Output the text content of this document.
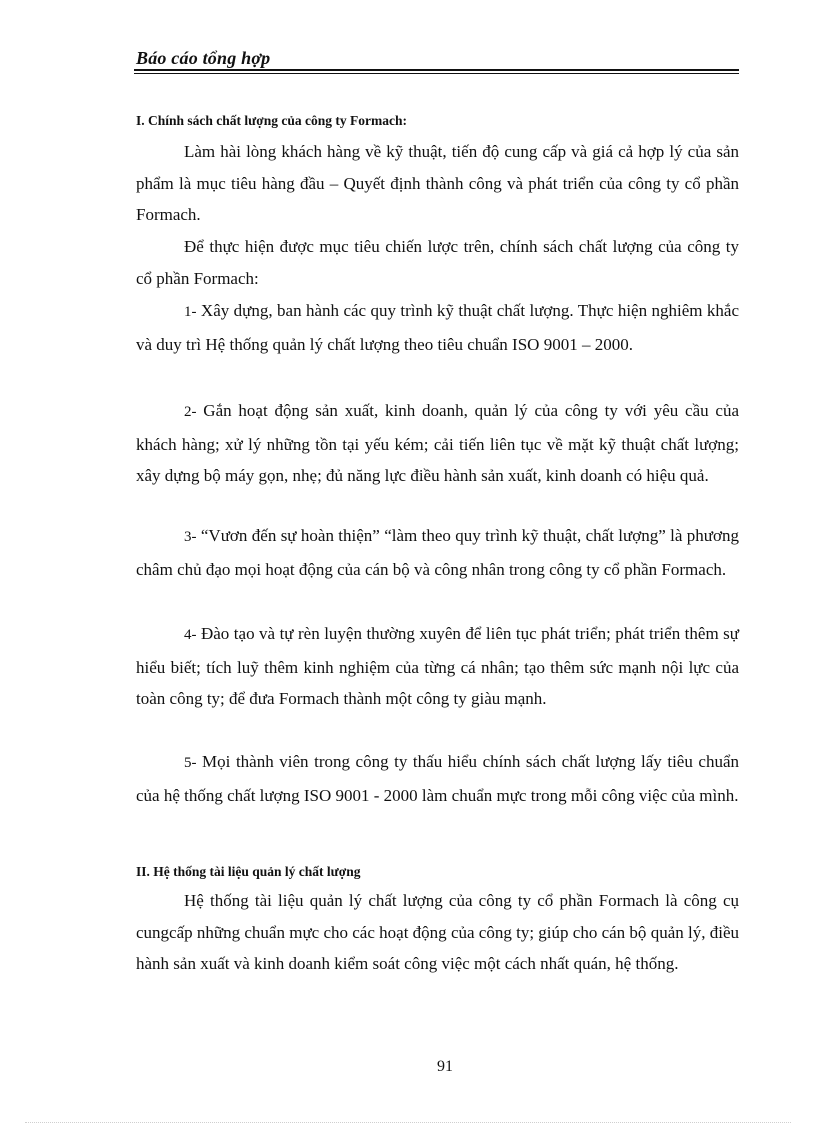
Báo cáo tổng hợp
I. Chính sách chất lượng của công ty Formach:

Làm hài lòng khách hàng về kỹ thuật, tiến độ cung cấp và giá cả hợp lý của sản phẩm là mục tiêu hàng đầu – Quyết định thành công và phát triển của công ty cổ phần Formach.

Để thực hiện được mục tiêu chiến lược trên, chính sách chất lượng của công ty cổ phần Formach:

1- Xây dựng, ban hành các quy trình kỹ thuật chất lượng. Thực hiện nghiêm khắc và duy trì Hệ thống quản lý chất lượng theo tiêu chuẩn ISO 9001 – 2000.

2- Gắn hoạt động sản xuất, kinh doanh, quản lý của công ty với yêu cầu của khách hàng; xử lý những tồn tại yếu kém; cải tiến liên tục về mặt kỹ thuật chất lượng; xây dựng bộ máy gọn, nhẹ; đủ năng lực điều hành sản xuất, kinh doanh có hiệu quả.

3- “Vươn đến sự hoàn thiện” “làm theo quy trình kỹ thuật, chất lượng” là phương châm chủ đạo mọi hoạt động của cán bộ và công nhân trong công ty cổ phần Formach.

4- Đào tạo và tự rèn luyện thường xuyên để liên tục phát triển; phát triển thêm sự hiểu biết; tích luỹ thêm kinh nghiệm của từng cá nhân; tạo thêm sức mạnh nội lực của toàn công ty; để đưa Formach thành một công ty giàu mạnh.

5- Mọi thành viên trong công ty thấu hiểu chính sách chất lượng lấy tiêu chuẩn của hệ thống chất lượng ISO 9001 - 2000 làm chuẩn mực trong mỗi công việc của mình.

II. Hệ thống tài liệu quản lý chất lượng

Hệ thống tài liệu quản lý chất lượng của công ty cổ phần Formach là công cụ cungcấp những chuẩn mực cho các hoạt động của công ty; giúp cho cán bộ quản lý, điều hành sản xuất và kinh doanh kiểm soát công việc một cách nhất quán, hệ thống.

91
